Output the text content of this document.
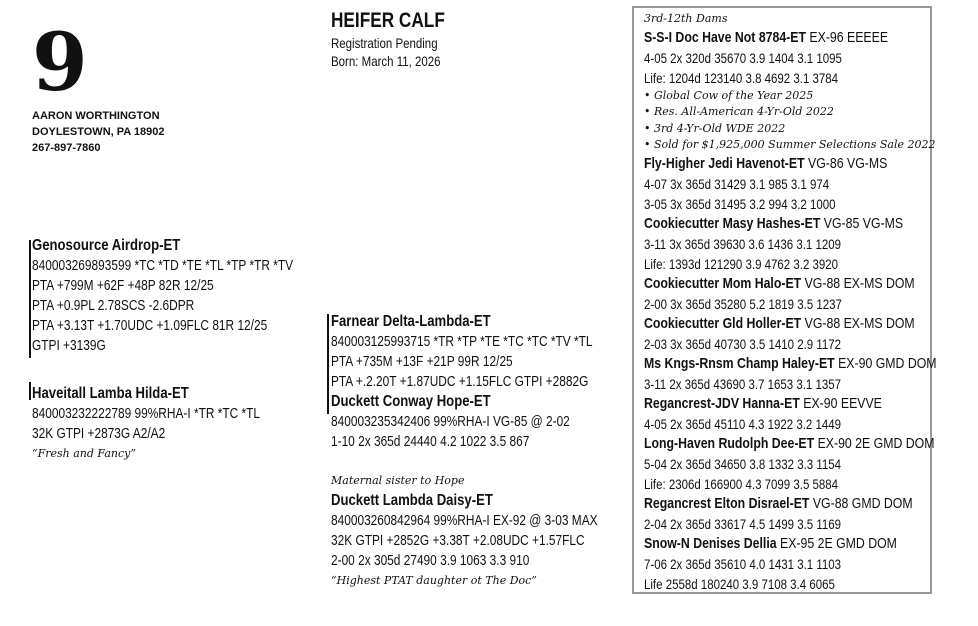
9
AARON WORTHINGTON
DOYLESTOWN, PA 18902
267-897-7860
HEIFER CALF
Registration Pending
Born: March 11, 2026
Genosource Airdrop-ET
840003269893599 *TC *TD *TE *TL *TP *TR *TV
PTA +799M +62F +48P 82R 12/25
PTA +0.9PL 2.78SCS -2.6DPR
PTA +3.13T +1.70UDC +1.09FLC 81R 12/25
GTPI +3139G
Haveitall Lamba Hilda-ET
840003232222789 99%RHA-I *TR *TC *TL
32K GTPI +2873G A2/A2
“Fresh and Fancy”
Farnear Delta-Lambda-ET
840003125993715 *TR *TP *TE *TC *TC *TV *TL
PTA +735M +13F +21P 99R 12/25
PTA +.2.20T +1.87UDC +1.15FLC GTPI +2882G
Duckett Conway Hope-ET
840003235342406 99%RHA-I VG-85 @ 2-02
1-10 2x 365d 24440 4.2 1022 3.5 867
Maternal sister to Hope
Duckett Lambda Daisy-ET
840003260842964 99%RHA-I EX-92 @ 3-03 MAX
32K GTPI +2852G +3.38T +2.08UDC +1.57FLC
2-00 2x 305d 27490 3.9 1063 3.3 910
“Highest PTAT daughter ot The Doc”
3rd-12th Dams
S-S-I Doc Have Not 8784-ET EX-96 EEEEE
4-05 2x 320d 35670 3.9 1404 3.1 1095
Life: 1204d 123140 3.8 4692 3.1 3784
• Global Cow of the Year 2025
• Res. All-American 4-Yr-Old 2022
• 3rd 4-Yr-Old WDE 2022
• Sold for $1,925,000 Summer Selections Sale 2022
Fly-Higher Jedi Havenot-ET VG-86 VG-MS
4-07 3x 365d 31429 3.1 985 3.1 974
3-05 3x 365d 31495 3.2 994 3.2 1000
Cookiecutter Masy Hashes-ET VG-85 VG-MS
3-11 3x 365d 39630 3.6 1436 3.1 1209
Life: 1393d 121290 3.9 4762 3.2 3920
Cookiecutter Mom Halo-ET VG-88 EX-MS DOM
2-00 3x 365d 35280 5.2 1819 3.5 1237
Cookiecutter Gld Holler-ET VG-88 EX-MS DOM
2-03 3x 365d 40730 3.5 1410 2.9 1172
Ms Kngs-Rnsm Champ Haley-ET EX-90 GMD DOM
3-11 2x 365d 43690 3.7 1653 3.1 1357
Regancrest-JDV Hanna-ET EX-90 EEVVE
4-05 2x 365d 45110 4.3 1922 3.2 1449
Long-Haven Rudolph Dee-ET EX-90 2E GMD DOM
5-04 2x 365d 34650 3.8 1332 3.3 1154
Life: 2306d 166900 4.3 7099 3.5 5884
Regancrest Elton Disrael-ET VG-88 GMD DOM
2-04 2x 365d 33617 4.5 1499 3.5 1169
Snow-N Denises Dellia EX-95 2E GMD DOM
7-06 2x 365d 35610 4.0 1431 3.1 1103
Life 2558d 180240 3.9 7108 3.4 6065
